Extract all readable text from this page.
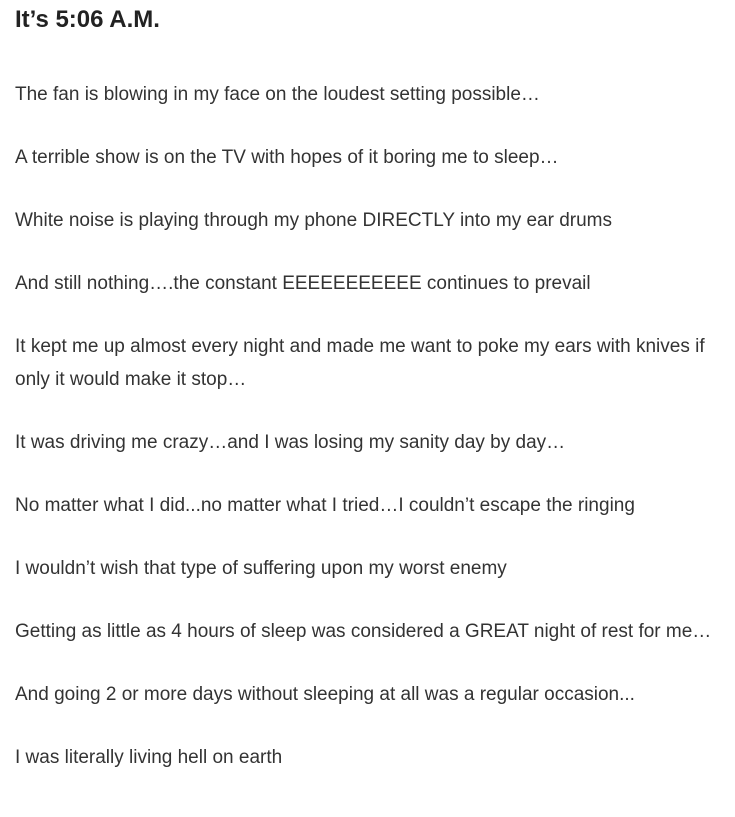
It’s 5:06 A.M.

The fan is blowing in my face on the loudest setting possible…

A terrible show is on the TV with hopes of it boring me to sleep…

White noise is playing through my phone DIRECTLY into my ear drums

And still nothing….the constant EEEEEEEEEEE continues to prevail

It kept me up almost every night and made me want to poke my ears with knives if only it would make it stop…

It was driving me crazy…and I was losing my sanity day by day…

No matter what I did...no matter what I tried…I couldn’t escape the ringing

I wouldn’t wish that type of suffering upon my worst enemy

Getting as little as 4 hours of sleep was considered a GREAT night of rest for me…

And going 2 or more days without sleeping at all was a regular occasion...

I was literally living hell on earth
